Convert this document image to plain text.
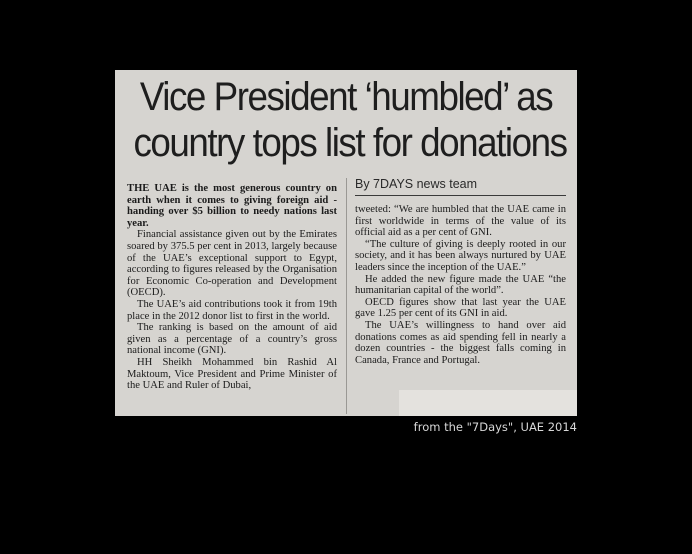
Vice President ‘humbled’ as
country tops list for donations

THE UAE is the most generous country on earth when it comes to giving foreign aid - handing over $5 billion to needy nations last year.

Financial assistance given out by the Emirates soared by 375.5 per cent in 2013, largely because of the UAE’s exceptional support to Egypt, according to figures released by the Organisation for Economic Co-operation and Development (OECD).

The UAE’s aid contributions took it from 19th place in the 2012 donor list to first in the world.

The ranking is based on the amount of aid given as a percentage of a country’s gross national income (GNI).

HH Sheikh Mohammed bin Rashid Al Maktoum, Vice President and Prime Minister of the UAE and Ruler of Dubai,

By 7DAYS news team

tweeted: “We are humbled that the UAE came in first worldwide in terms of the value of its official aid as a per cent of GNI.

“The culture of giving is deeply rooted in our society, and it has been always nurtured by UAE leaders since the inception of the UAE.”

He added the new figure made the UAE “the humanitarian capital of the world”.

OECD figures show that last year the UAE gave 1.25 per cent of its GNI in aid.

The UAE’s willingness to hand over aid donations comes as aid spending fell in nearly a dozen countries - the biggest falls coming in Canada, France and Portugal.

from the "7Days", UAE 2014
